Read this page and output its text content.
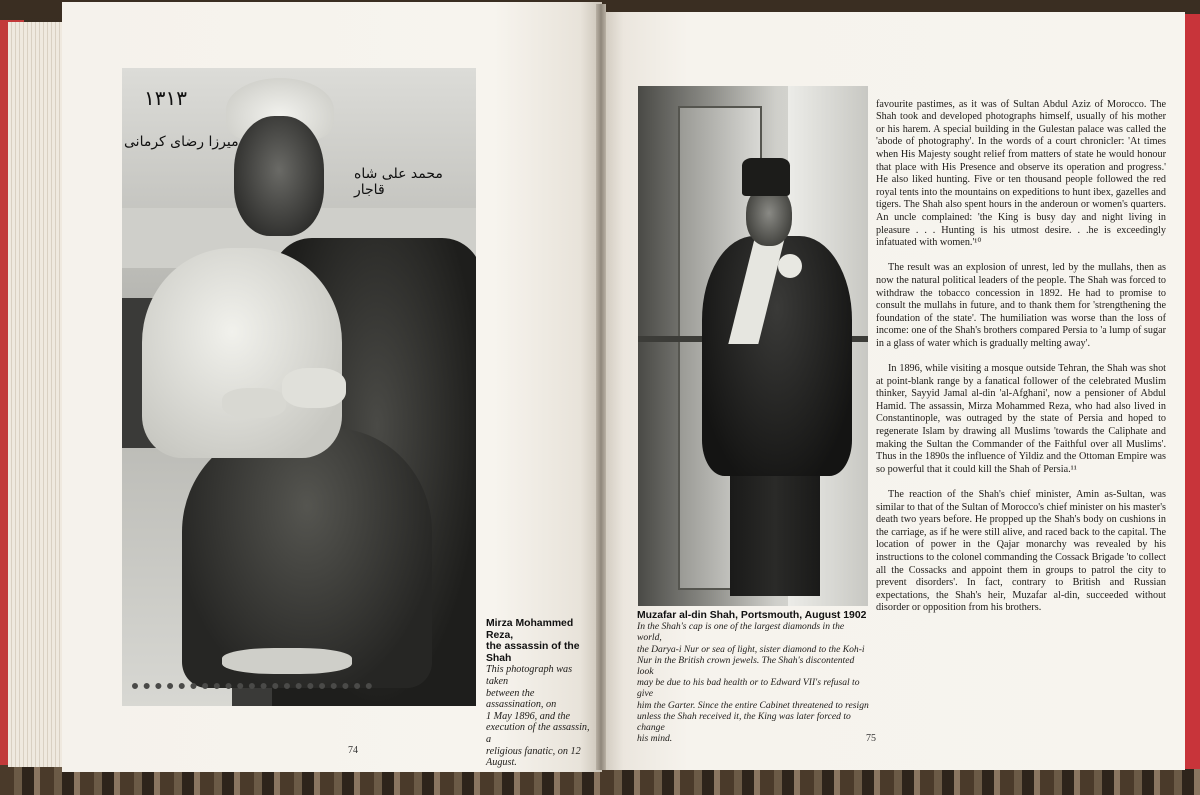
١٣١٣
میرزا رضای کرمانی
محمد علی شاه قاجار
Mirza Mohammed Reza,
the assassin of the Shah
This photograph was taken
between the assassination, on
1 May 1896, and the
execution of the assassin, a
religious fanatic, on 12
August.
74
Muzafar al-din Shah, Portsmouth, August 1902
In the Shah's cap is one of the largest diamonds in the world,
the Darya-i Nur or sea of light, sister diamond to the Koh-i
Nur in the British crown jewels. The Shah's discontented look
may be due to his bad health or to Edward VII's refusal to give
him the Garter. Since the entire Cabinet threatened to resign
unless the Shah received it, the King was later forced to change
his mind.

favourite pastimes, as it was of Sultan Abdul Aziz of Morocco. The Shah took and developed photographs himself, usually of his mother or his harem. A special building in the Gulestan palace was called the 'abode of photography'. In the words of a court chronicler: 'At times when His Majesty sought relief from matters of state he would honour that place with His Presence and observe its operation and progress.' He also liked hunting. Five or ten thousand people followed the red royal tents into the mountains on expeditions to hunt ibex, gazelles and tigers. The Shah also spent hours in the anderoun or women's quarters. An uncle complained: 'the King is busy day and night living in pleasure . . . Hunting is his utmost desire. . .he is exceedingly infatuated with women.'¹⁰

The result was an explosion of unrest, led by the mullahs, then as now the natural political leaders of the people. The Shah was forced to withdraw the tobacco concession in 1892. He had to promise to consult the mullahs in future, and to thank them for 'strengthening the foundation of the state'. The humiliation was worse than the loss of income: one of the Shah's brothers compared Persia to 'a lump of sugar in a glass of water which is gradually melting away'.

In 1896, while visiting a mosque outside Tehran, the Shah was shot at point-blank range by a fanatical follower of the celebrated Muslim thinker, Sayyid Jamal al-din 'al-Afghani', now a pensioner of Abdul Hamid. The assassin, Mirza Mohammed Reza, who had also lived in Constantinople, was outraged by the state of Persia and hoped to regenerate Islam by drawing all Muslims 'towards the Caliphate and making the Sultan the Commander of the Faithful over all Muslims'. Thus in the 1890s the influence of Yildiz and the Ottoman Empire was so powerful that it could kill the Shah of Persia.¹¹

The reaction of the Shah's chief minister, Amin as-Sultan, was similar to that of the Sultan of Morocco's chief minister on his master's death two years before. He propped up the Shah's body on cushions in the carriage, as if he were still alive, and raced back to the capital. The location of power in the Qajar monarchy was revealed by his instructions to the colonel commanding the Cossack Brigade 'to collect all the Cossacks and appoint them in groups to patrol the city to prevent disorders'. In fact, contrary to British and Russian expectations, the Shah's heir, Muzafar al-din, succeeded without disorder or opposition from his brothers.

75
